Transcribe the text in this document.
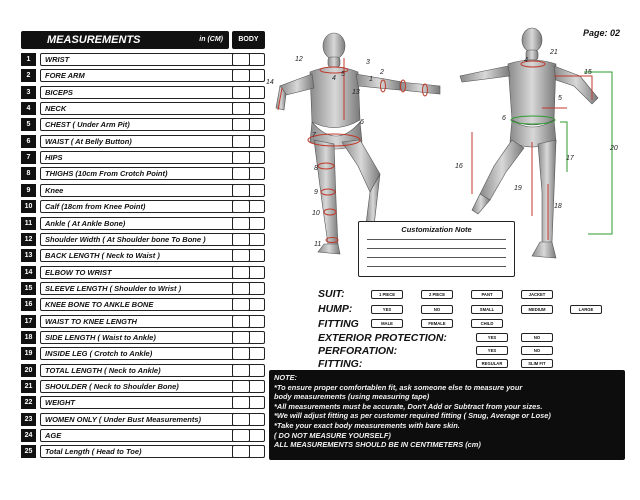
Page: 02
MEASUREMENTS	in (CM)	BODY
1	WRIST
2	FORE ARM
3	BICEPS
4	NECK
5	CHEST ( Under Arm Pit)
6	WAIST ( At Belly Button)
7	HIPS
8	THIGHS (10cm From Crotch Point)
9	Knee
10	Calf (18cm from Knee Point)
11	Ankle ( At Ankle Bone)
12	Shoulder Width ( At Shoulder bone To Bone )
13	BACK LENGTH ( Neck to Waist )
14	ELBOW TO WRIST
15	SLEEVE LENGTH ( Shoulder to Wrist )
16	KNEE BONE TO ANKLE BONE
17	WAIST TO KNEE LENGTH
18	SIDE LENGTH ( Waist to Ankle)
19	INSIDE LEG ( Crotch to Ankle)
20	TOTAL LENGTH ( Neck to Ankle)
21	SHOULDER ( Neck to Shoulder Bone)
22	WEIGHT
23	WOMEN ONLY ( Under Bust Measurements)
24	AGE
25	Total Length ( Head to Toe)
1
2
3
4
5
6
7
8
9
10
11
12
13
14
4
21
15
5
6
20
16
17
19
18
Customization Note
SUIT:
HUMP:
FITTING
EXTERIOR PROTECTION:
PERFORATION:
FITTING:
1 PIECE	2 PIECE	PANT	JACKET
YES	NO	SMALL	MEDIUM	LARGE
MALE	FEMALE	CHILD
YES	NO
YES	NO
REGULAR	SLIM FIT
NOTE:
*To ensure proper comfortablen fit, ask someone else to measure your
body measurements (using measuring tape)
*All measurements must be accurate, Don't Add or Subtract from your sizes.
*We will adjust fitting as per customer required fitting ( Snug, Average or Lose)
*Take your exact body measurements with bare skin.
( DO NOT MEASURE YOURSELF)
ALL MEASUREMENTS SHOULD BE IN CENTIMETERS (cm)
